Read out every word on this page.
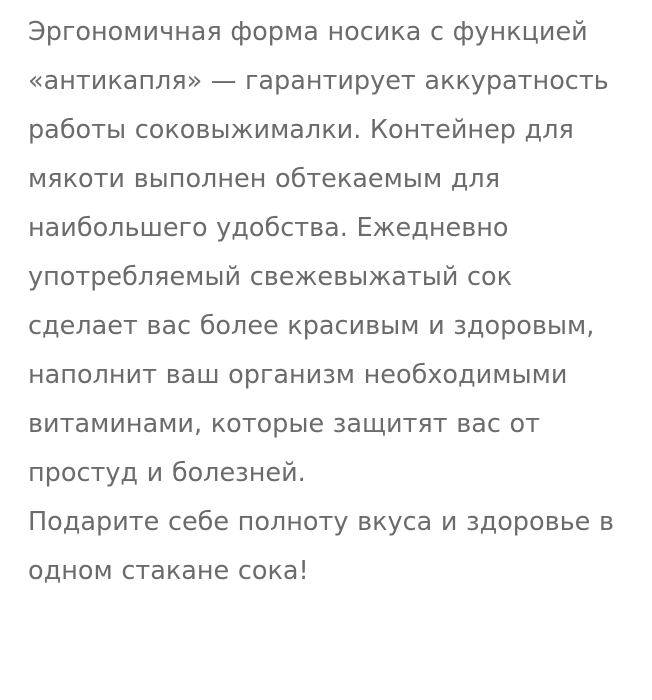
Эргономичная форма носика с функцией «антикапля» — гарантирует аккуратность работы соковыжималки. Контейнер для мякоти выполнен обтекаемым для наибольшего удобства. Ежедневно употребляемый свежевыжатый сок сделает вас более красивым и здоровым, наполнит ваш организм необходимыми витаминами, которые защитят вас от простуд и болезней.

Подарите себе полноту вкуса и здоровье в одном стакане сока!
